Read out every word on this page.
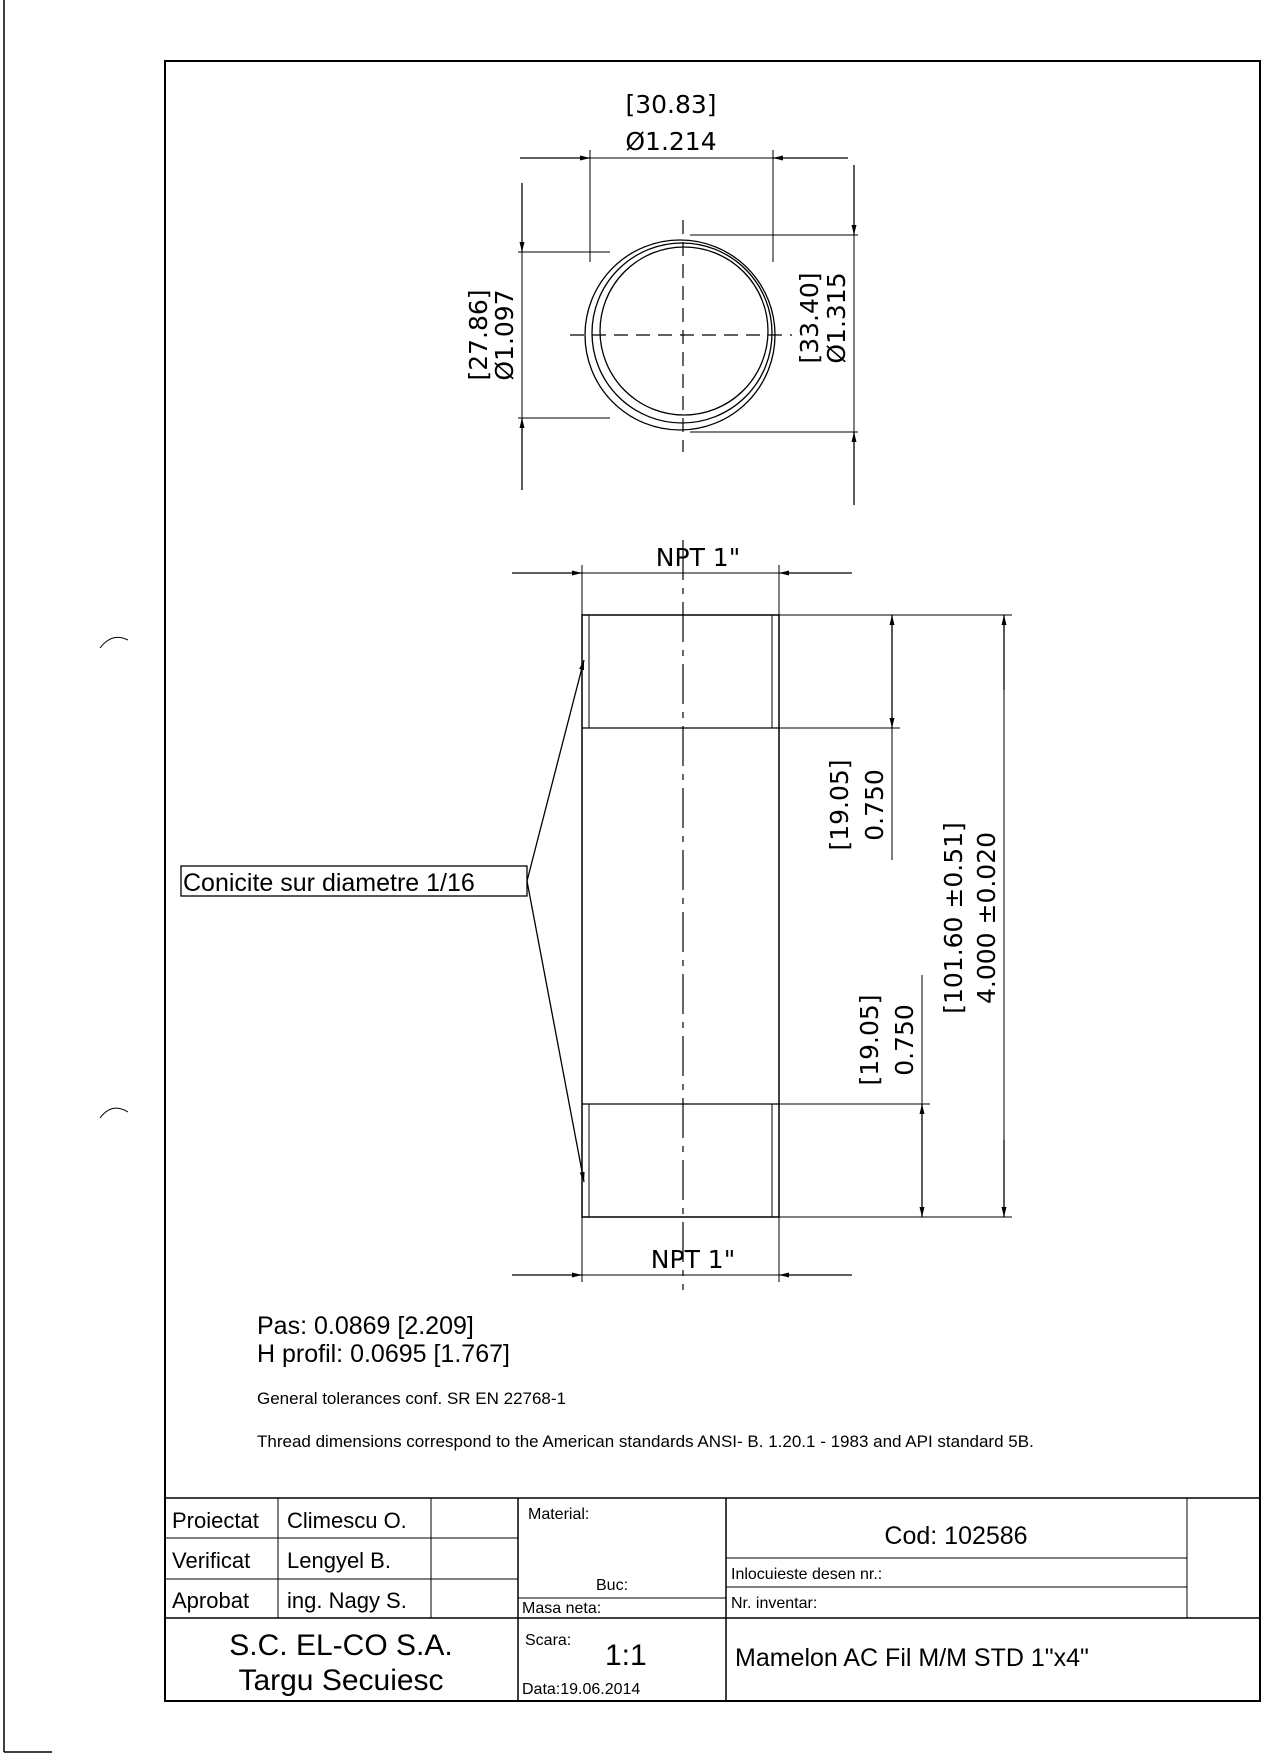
[30.83]
Ø1.214
[27.86]
Ø1.097	[33.40]
Ø1.315
NPT 1"
NPT 1"
Conicite sur diametre 1/16
[19.05] 0.750
[19.05] 0.750
[101.60 ±0.51] 4.000 ±0.020
Pas: 0.0869 [2.209]
H profil: 0.0695 [1.767]
General tolerances conf. SR EN 22768-1
Thread dimensions correspond to the American standards ANSI- B. 1.20.1 - 1983 and API standard 5B.
Proiectat Climescu O.
Verificat Lengyel B.
Aprobat ing. Nagy S.
S.C. EL-CO S.A.
Targu Secuiesc
Material:
Buc:
Masa neta:
Scara: 1:1
Data:19.06.2014
Cod: 102586
Inlocuieste desen nr.:
Nr. inventar:
Mamelon AC Fil M/M STD 1"x4"
